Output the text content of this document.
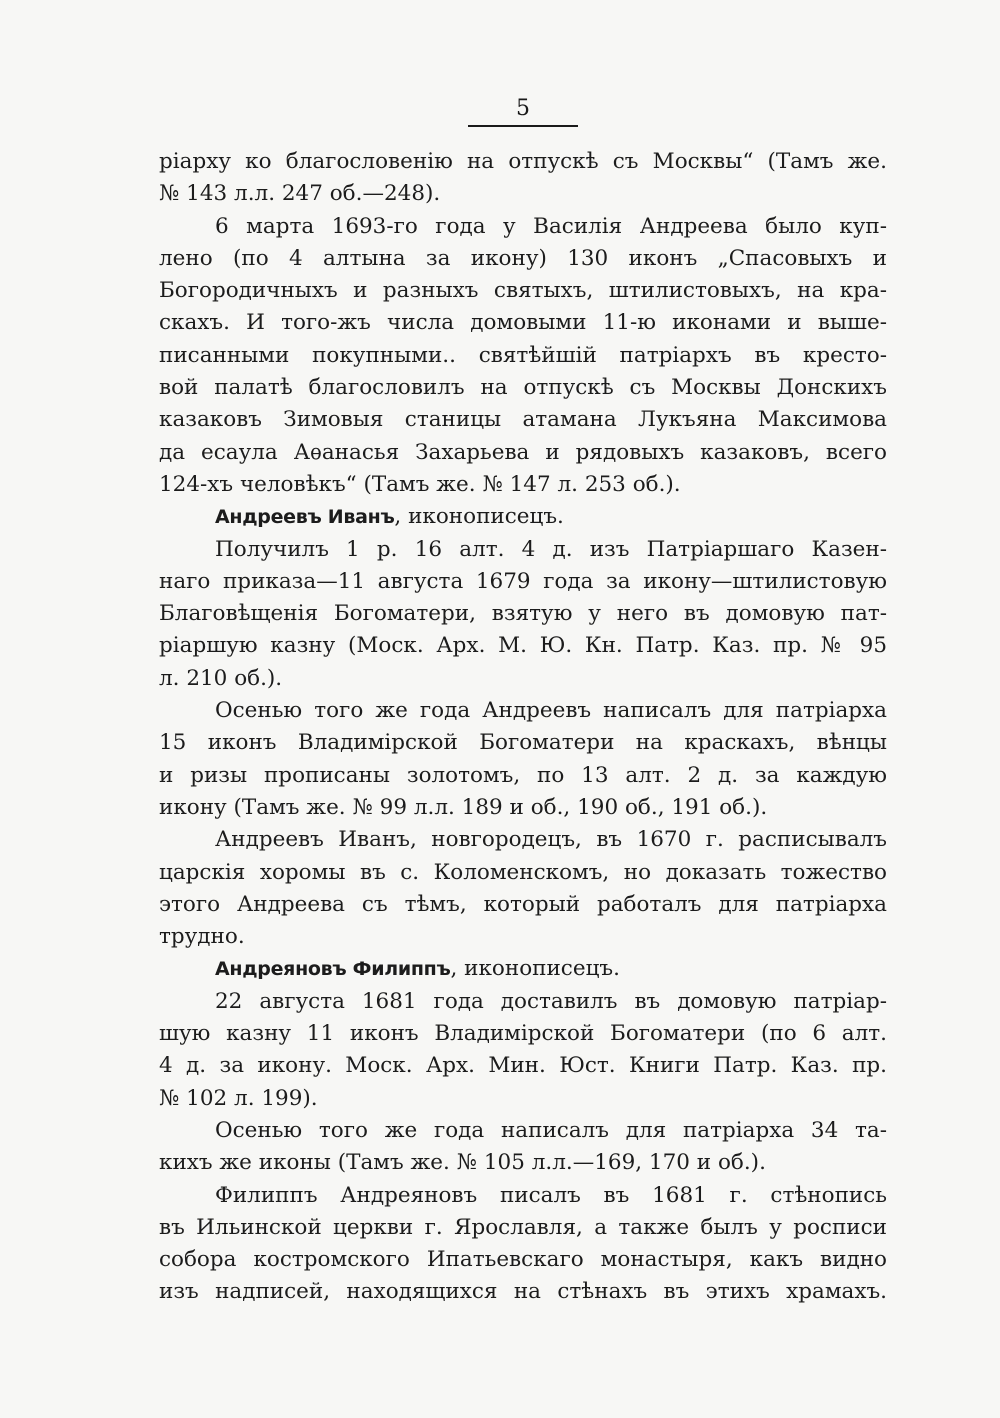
5
ріарху ко благословенію на отпускѣ съ Москвы“ (Тамъ же.
№ 143 л.л. 247 об.—248).
6 марта 1693-го года у Василія Андреева было куп-
лено (по 4 алтына за икону) 130 иконъ „Спасовыхъ и
Богородичныхъ и разныхъ святыхъ, штилистовыхъ, на кра-
скахъ. И того-жъ числа домовыми 11-ю иконами и выше-
писанными покупными.. святѣйшій патріархъ въ кресто-
вой палатѣ благословилъ на отпускѣ съ Москвы Донскихъ
казаковъ Зимовыя станицы атамана Лукъяна Максимова
да есаула Аѳанасья Захарьева и рядовыхъ казаковъ, всего
124-хъ человѣкъ“ (Тамъ же. № 147 л. 253 об.).
Андреевъ Иванъ, иконописецъ.
Получилъ 1 р. 16 алт. 4 д. изъ Патріаршаго Казен-
наго приказа—11 августа 1679 года за икону—штилистовую
Благовѣщенія Богоматери, взятую у него въ домовую пат-
ріаршую казну (Моск. Арх. М. Ю. Кн. Патр. Каз. пр. № 95
л. 210 об.).
Осенью того же года Андреевъ написалъ для патріарха
15 иконъ Владимірской Богоматери на краскахъ, вѣнцы
и ризы прописаны золотомъ, по 13 алт. 2 д. за каждую
икону (Тамъ же. № 99 л.л. 189 и об., 190 об., 191 об.).
Андреевъ Иванъ, новгородецъ, въ 1670 г. расписывалъ
царскія хоромы въ с. Коломенскомъ, но доказать тожество
этого Андреева съ тѣмъ, который работалъ для патріарха
трудно.
Андреяновъ Филиппъ, иконописецъ.
22 августа 1681 года доставилъ въ домовую патріар-
шую казну 11 иконъ Владимірской Богоматери (по 6 алт.
4 д. за икону. Моск. Арх. Мин. Юст. Книги Патр. Каз. пр.
№ 102 л. 199).
Осенью того же года написалъ для патріарха 34 та-
кихъ же иконы (Тамъ же. № 105 л.л.—169, 170 и об.).
Филиппъ Андреяновъ писалъ въ 1681 г. стѣнопись
въ Ильинской церкви г. Ярославля, а также былъ у росписи
собора костромского Ипатьевскаго монастыря, какъ видно
изъ надписей, находящихся на стѣнахъ въ этихъ храмахъ.
